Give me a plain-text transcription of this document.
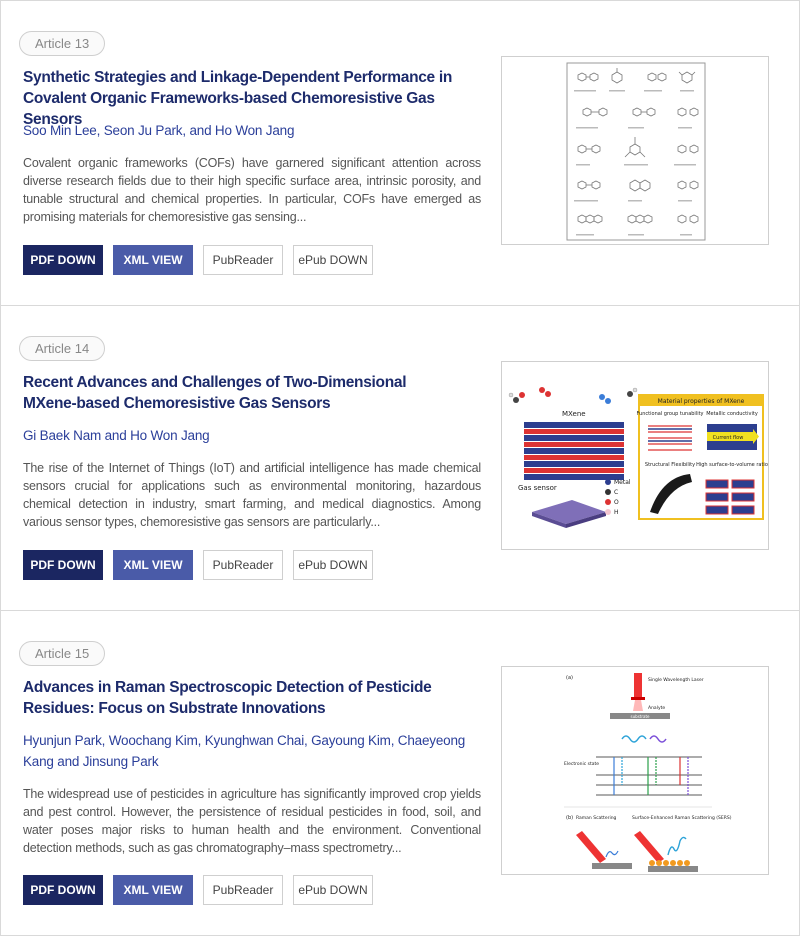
Article 13
Synthetic Strategies and Linkage-Dependent Performance in Covalent Organic Frameworks-based Chemoresistive Gas Sensors
Soo Min Lee, Seon Ju Park, and Ho Won Jang
Covalent organic frameworks (COFs) have garnered significant attention across diverse research fields due to their high specific surface area, intrinsic porosity, and tunable structural and chemical properties. In particular, COFs have emerged as promising materials for chemoresistive gas sensing...
PDF DOWN	XML VIEW	PubReader	ePub DOWN
Article 14
Recent Advances and Challenges of Two-Dimensional MXene-based Chemoresistive Gas Sensors
Gi Baek Nam and Ho Won Jang
The rise of the Internet of Things (IoT) and artificial intelligence has made chemical sensors crucial for applications such as environmental monitoring, hazardous chemical detection in industry, smart farming, and medical diagnostics. Among various sensor types, chemoresistive gas sensors are particularly...
PDF DOWN	XML VIEW	PubReader	ePub DOWN
MXene
Gas sensor
Metal
C
O
H
Material properties of MXene
Functional group tunability Metallic conductivity
Current flow
Structural Flexibility High surface-to-volume ratio
Article 15
Advances in Raman Spectroscopic Detection of Pesticide Residues: Focus on Substrate Innovations
Hyunjun Park, Woochang Kim, Kyunghwan Chai, Gayoung Kim, Chaeyeong Kang and Jinsung Park
The widespread use of pesticides in agriculture has significantly improved crop yields and pest control. However, the persistence of residual pesticides in food, soil, and water poses major risks to human health and the environment. Conventional detection methods, such as gas chromatography–mass spectrometry...
PDF DOWN	XML VIEW	PubReader	ePub DOWN
(a)	Single Wavelength Laser
Analyte
substrate
Electronic state
(b) Raman Scattering	Surface-Enhanced Raman Scattering (SERS)
